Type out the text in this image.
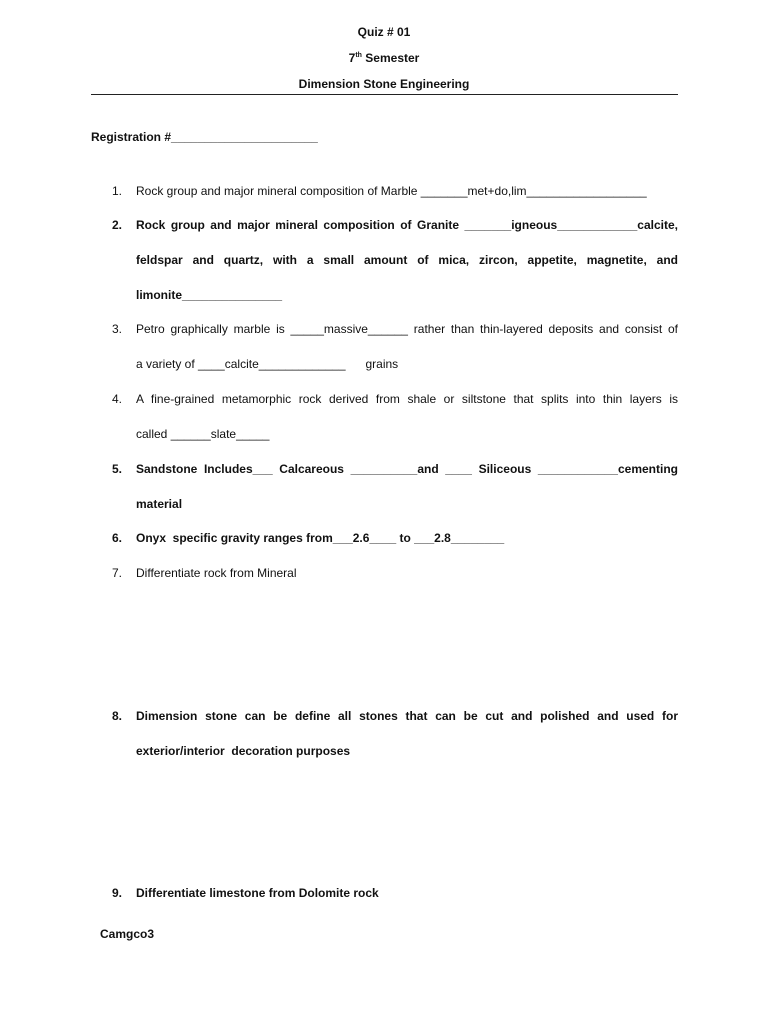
Quiz # 01
7th Semester
Dimension Stone Engineering
Registration #______________________
1.	Rock group and major mineral composition of Marble _______met+do,lim__________________
2.	Rock group and major mineral composition of Granite _______igneous____________calcite,
feldspar and quartz, with a small amount of mica, zircon, appetite, magnetite, and
limonite_______________
3.	Petro graphically marble is _____massive______ rather than thin-layered deposits and consist of
a variety of ____calcite_____________      grains
4.	A fine-grained metamorphic rock derived from shale or siltstone that splits into thin layers is
called ______slate_____
5.	Sandstone Includes___ Calcareous __________and ____ Siliceous ____________cementing
material
6.	Onyx  specific gravity ranges from___2.6____ to ___2.8________
7.	Differentiate rock from Mineral
8.	Dimension stone can be define all stones that can be cut and polished and used for
exterior/interior  decoration purposes
9.	Differentiate limestone from Dolomite rock
Camgco3
